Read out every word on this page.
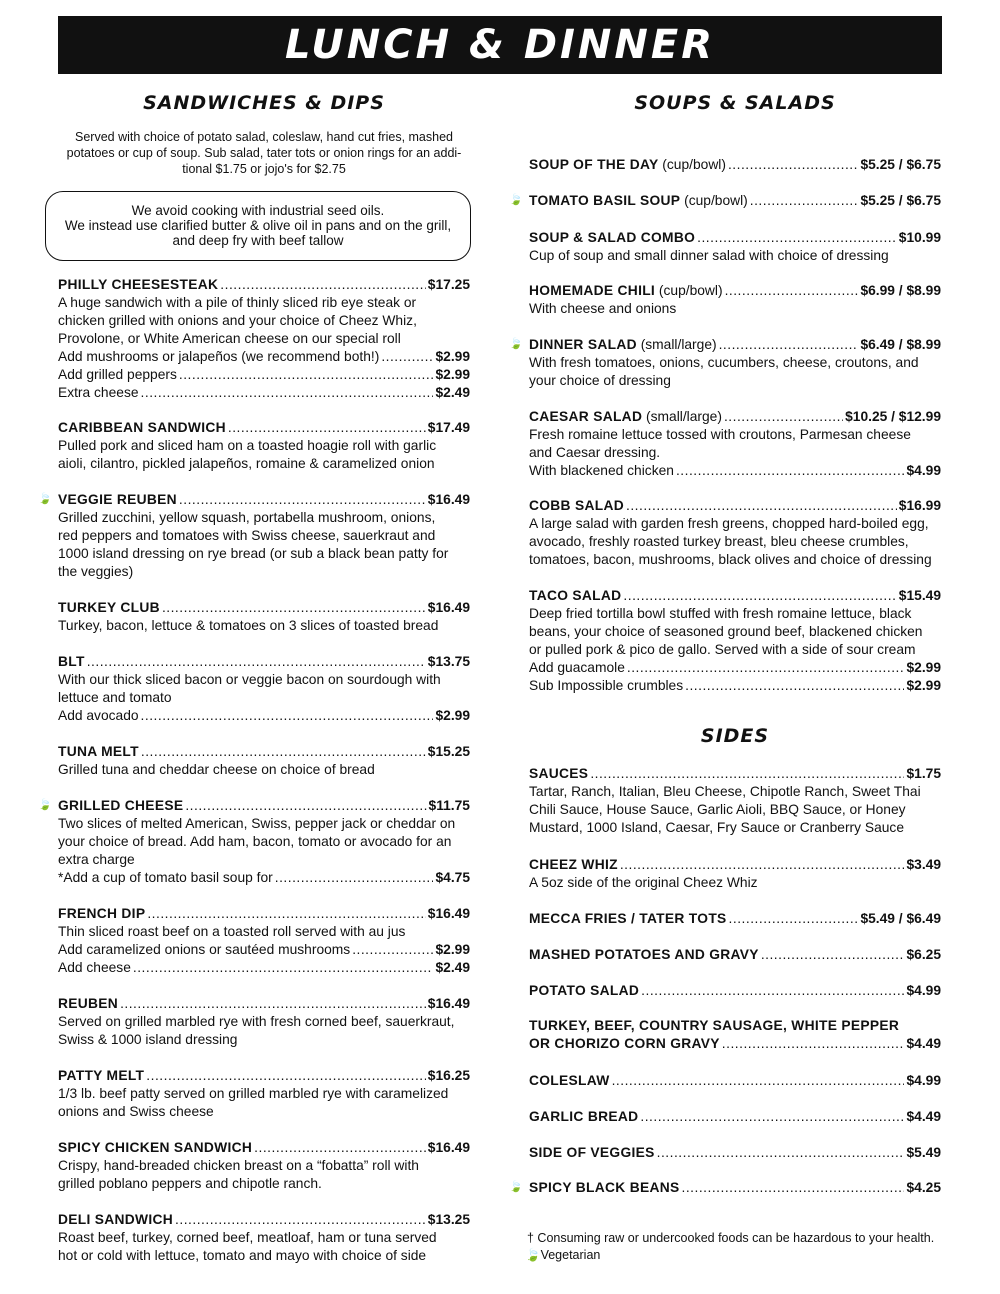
LUNCH & DINNER
SANDWICHES & DIPS
Served with choice of potato salad, coleslaw, hand cut fries, mashed potatoes or cup of soup. Sub salad, tater tots or onion rings for an addi- tional $1.75 or jojo's for $2.75
We avoid cooking with industrial seed oils.
We instead use clarified butter & olive oil in pans and on the grill,
and deep fry with beef tallow
PHILLY CHEESESTEAK .....	$17.25
A huge sandwich with a pile of thinly sliced rib eye steak or
chicken grilled with onions and your choice of Cheez Whiz,
Provolone, or White American cheese on our special roll
Add mushrooms or jalapeños (we recommend both!) .....	$2.99
Add grilled peppers .....	$2.99
Extra cheese .....	$2.49
CARIBBEAN SANDWICH .....	$17.49
Pulled pork and sliced ham on a toasted hoagie roll with garlic
aioli, cilantro, pickled jalapeños, romaine & caramelized onion
🍃 VEGGIE REUBEN .....	$16.49
Grilled zucchini, yellow squash, portabella mushroom, onions,
red peppers and tomatoes with Swiss cheese, sauerkraut and
1000 island dressing on rye bread (or sub a black bean patty for
the veggies)
TURKEY CLUB .....	$16.49
Turkey, bacon, lettuce & tomatoes on 3 slices of toasted bread
BLT .....	$13.75
With our thick sliced bacon or veggie bacon on sourdough with
lettuce and tomato
Add avocado .....	$2.99
TUNA MELT .....	$15.25
Grilled tuna and cheddar cheese on choice of bread
🍃 GRILLED CHEESE .....	$11.75
Two slices of melted American, Swiss, pepper jack or cheddar on
your choice of bread. Add ham, bacon, tomato or avocado for an
extra charge
*Add a cup of tomato basil soup for .....	$4.75
FRENCH DIP .....	$16.49
Thin sliced roast beef on a toasted roll served with au jus
Add caramelized onions or sautéed mushrooms .....	$2.99
Add cheese .....	$2.49
REUBEN .....	$16.49
Served on grilled marbled rye with fresh corned beef, sauerkraut,
Swiss & 1000 island dressing
PATTY MELT .....	$16.25
1/3 lb. beef patty served on grilled marbled rye with caramelized
onions and Swiss cheese
SPICY CHICKEN SANDWICH .....	$16.49
Crispy, hand-breaded chicken breast on a “fobatta” roll with
grilled poblano peppers and chipotle ranch.
DELI SANDWICH .....	$13.25
Roast beef, turkey, corned beef, meatloaf, ham or tuna served
hot or cold with lettuce, tomato and mayo with choice of side
SOUPS & SALADS
SIDES
† Consuming raw or undercooked foods can be hazardous to your health.
🍃Vegetarian
SOUP OF THE DAY (cup/bowl) .....	$5.25 / $6.75
🍃 TOMATO BASIL SOUP (cup/bowl) .....	$5.25 / $6.75
SOUP & SALAD COMBO .....	$10.99
Cup of soup and small dinner salad with choice of dressing
HOMEMADE CHILI (cup/bowl) .....	$6.99 / $8.99
With cheese and onions
🍃 DINNER SALAD (small/large) .....	$6.49 / $8.99
With fresh tomatoes, onions, cucumbers, cheese, croutons, and
your choice of dressing
CAESAR SALAD (small/large) .....	$10.25 / $12.99
Fresh romaine lettuce tossed with croutons, Parmesan cheese
and Caesar dressing.
With blackened chicken .....	$4.99
COBB SALAD .....	$16.99
A large salad with garden fresh greens, chopped hard-boiled egg,
avocado, freshly roasted turkey breast, bleu cheese crumbles,
tomatoes, bacon, mushrooms, black olives and choice of dressing
TACO SALAD .....	$15.49
Deep fried tortilla bowl stuffed with fresh romaine lettuce, black
beans, your choice of seasoned ground beef, blackened chicken
or pulled pork & pico de gallo. Served with a side of sour cream
Add guacamole .....	$2.99
Sub Impossible crumbles .....	$2.99
SAUCES .....	$1.75
Tartar, Ranch, Italian, Bleu Cheese, Chipotle Ranch, Sweet Thai
Chili Sauce, House Sauce, Garlic Aioli, BBQ Sauce, or Honey
Mustard, 1000 Island, Caesar, Fry Sauce or Cranberry Sauce
CHEEZ WHIZ .....	$3.49
A 5oz side of the original Cheez Whiz
MECCA FRIES / TATER TOTS .....	$5.49 / $6.49
MASHED POTATOES AND GRAVY .....	$6.25
POTATO SALAD .....	$4.99
TURKEY, BEEF, COUNTRY SAUSAGE, WHITE PEPPER
OR CHORIZO CORN GRAVY .....	$4.49
COLESLAW .....	$4.99
GARLIC BREAD .....	$4.49
SIDE OF VEGGIES .....	$5.49
🍃 SPICY BLACK BEANS .....	$4.25
